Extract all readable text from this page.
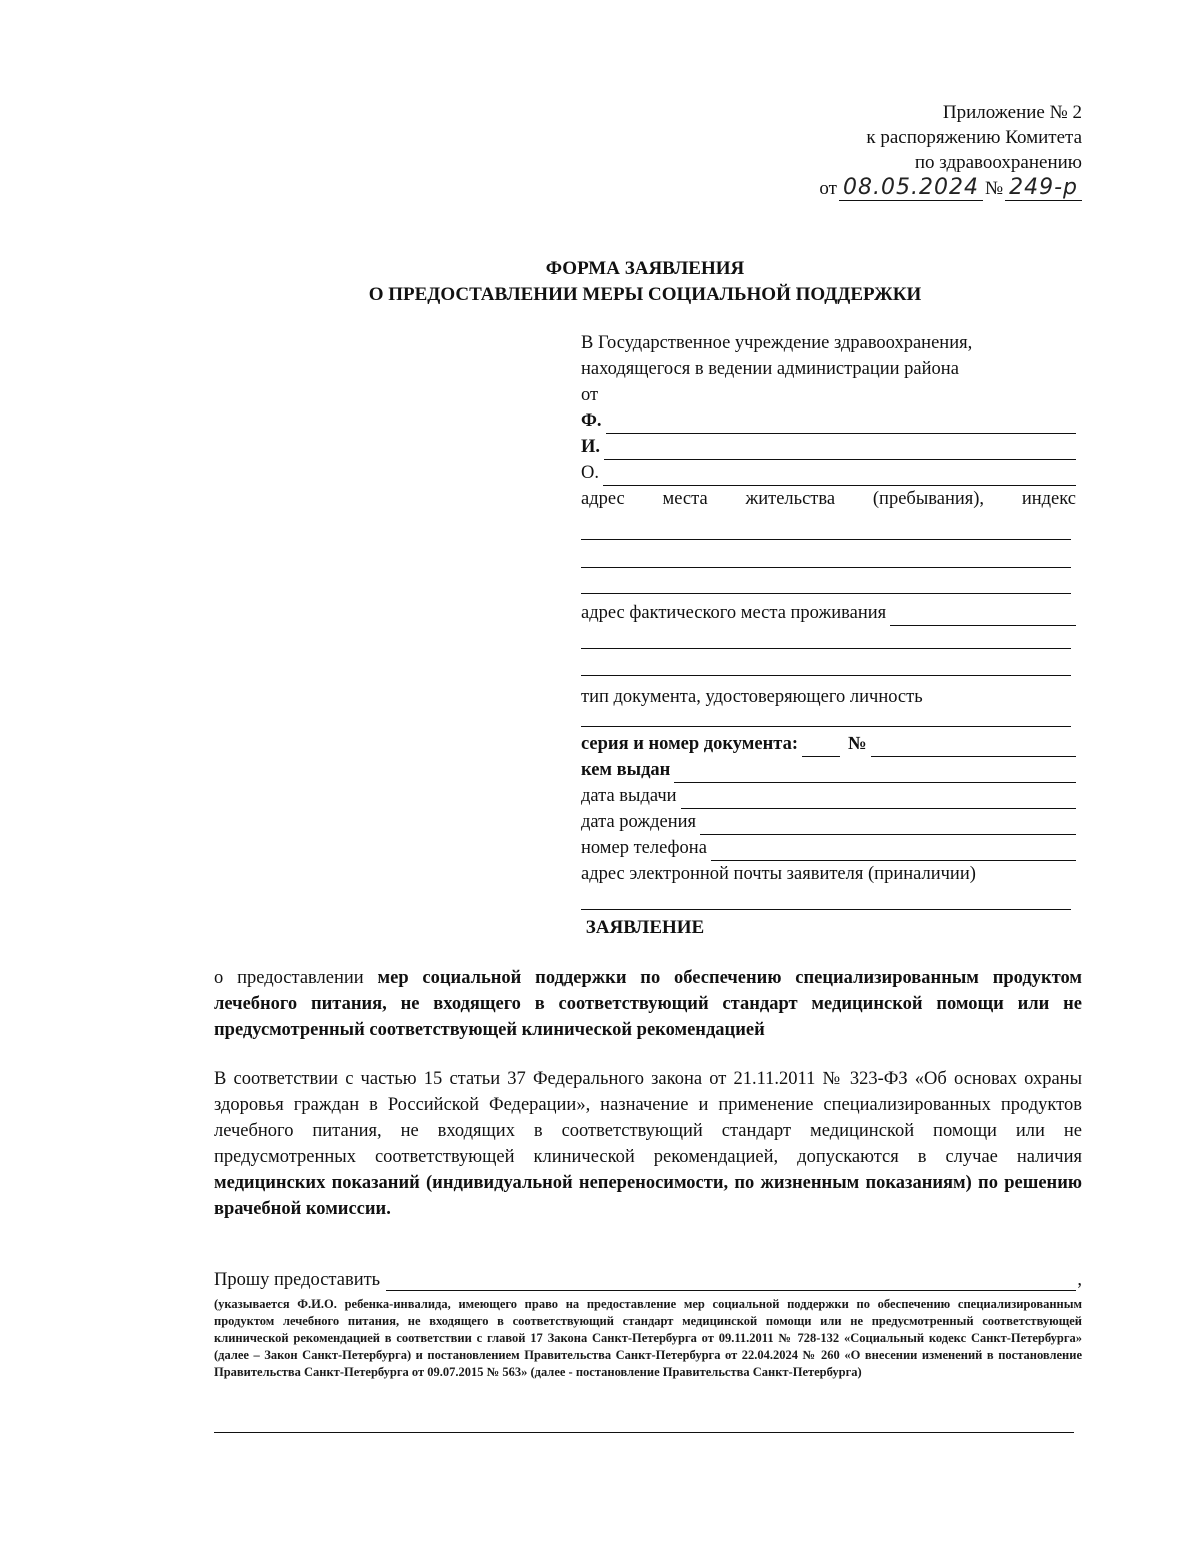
Приложение № 2
к распоряжению Комитета
по здравоохранению
от 08.05.2024 № 249-р
ФОРМА ЗАЯВЛЕНИЯ
О ПРЕДОСТАВЛЕНИИ МЕРЫ СОЦИАЛЬНОЙ ПОДДЕРЖКИ
В Государственное учреждение здравоохранения,
находящегося в ведении администрации района
от
Ф.
И.
О.
адрес места жительства (пребывания), индекс
адрес фактического места проживания
тип документа, удостоверяющего личность
серия и номер документа:	№
кем выдан
дата выдачи
дата рождения
номер телефона
адрес электронной почты заявителя (приналичии)
ЗАЯВЛЕНИЕ
о предоставлении мер социальной поддержки по обеспечению специализированным продуктом лечебного питания, не входящего в соответствующий стандарт медицинской помощи или не предусмотренный соответствующей клинической рекомендацией
В соответствии с частью 15 статьи 37 Федерального закона от 21.11.2011 № 323-ФЗ «Об основах охраны здоровья граждан в Российской Федерации», назначение и применение специализированных продуктов лечебного питания, не входящих в соответствующий стандарт медицинской помощи или не предусмотренных соответствующей клинической рекомендацией, допускаются в случае наличия медицинских показаний (индивидуальной непереносимости, по жизненным показаниям) по решению врачебной комиссии.
Прошу предоставить	,
(указывается Ф.И.О. ребенка-инвалида, имеющего право на предоставление мер социальной поддержки по обеспечению специализированным продуктом лечебного питания, не входящего в соответствующий стандарт медицинской помощи или не предусмотренный соответствующей клинической рекомендацией в соответствии с главой 17 Закона Санкт-Петербурга от 09.11.2011 № 728-132 «Социальный кодекс Санкт-Петербурга» (далее – Закон Санкт-Петербурга) и постановлением Правительства Санкт-Петербурга от 22.04.2024 № 260 «О внесении изменений в постановление Правительства Санкт-Петербурга от 09.07.2015 № 563» (далее - постановление Правительства Санкт-Петербурга)
